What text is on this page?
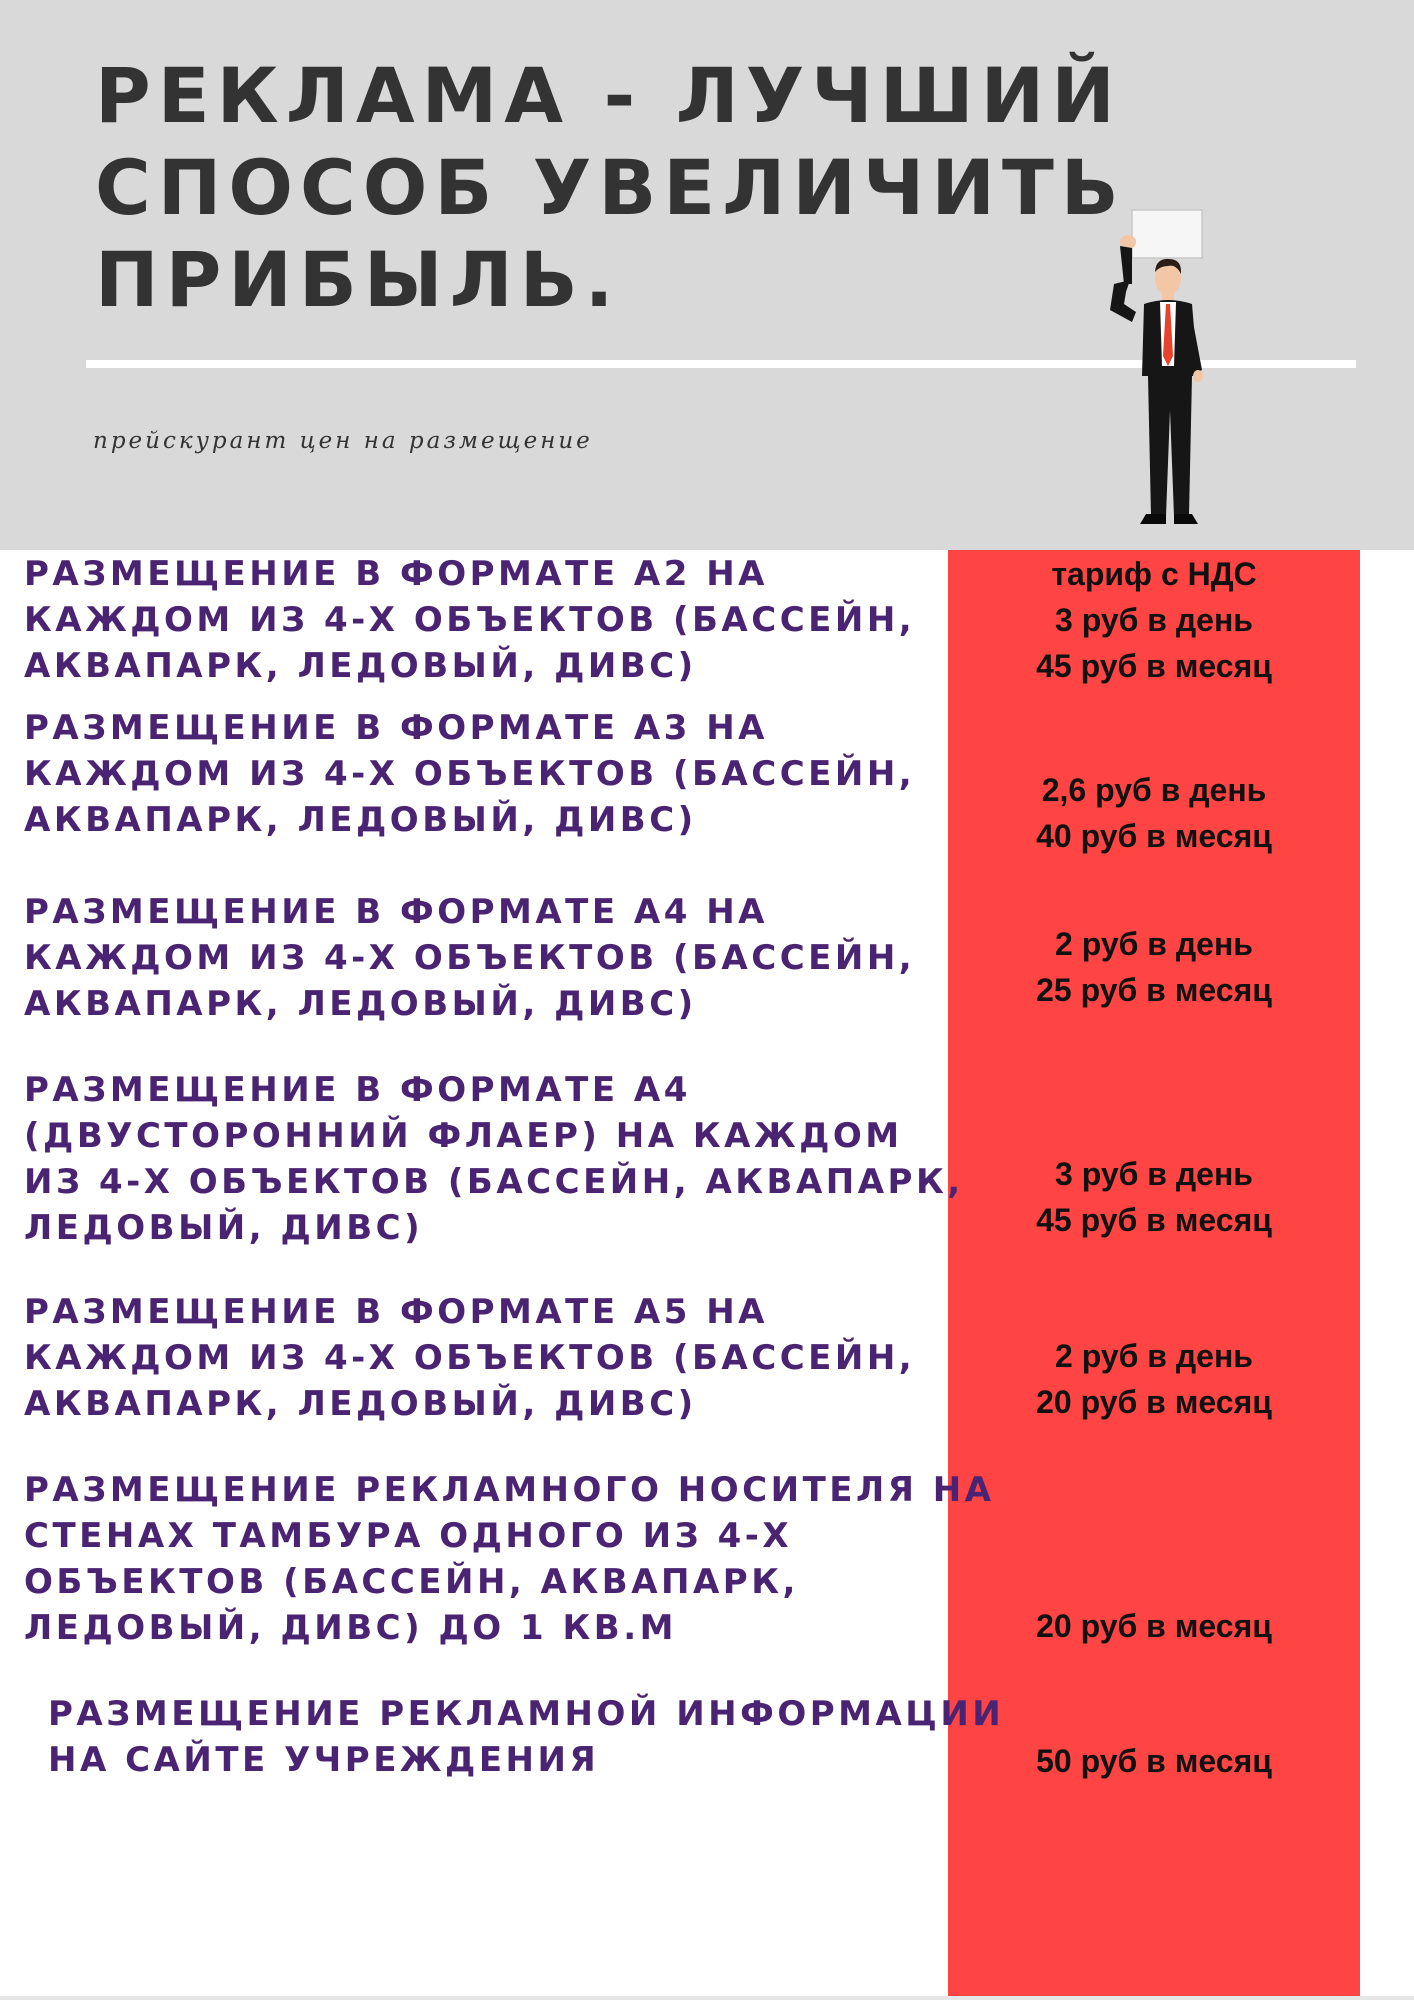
РЕКЛАМА - ЛУЧШИЙ
СПОСОБ УВЕЛИЧИТЬ
ПРИБЫЛЬ.
прейскурант цен на размещение
тариф с НДС
РАЗМЕЩЕНИЕ В ФОРМАТЕ А2 НА
КАЖДОМ ИЗ 4-Х ОБЪЕКТОВ (БАССЕЙН,
АКВАПАРК, ЛЕДОВЫЙ, ДИВС)
3 руб в день
45 руб в месяц
РАЗМЕЩЕНИЕ В ФОРМАТЕ А3 НА
КАЖДОМ ИЗ 4-Х ОБЪЕКТОВ (БАССЕЙН,
АКВАПАРК, ЛЕДОВЫЙ, ДИВС)
2,6 руб в день
40 руб в месяц
РАЗМЕЩЕНИЕ В ФОРМАТЕ А4 НА
КАЖДОМ ИЗ 4-Х ОБЪЕКТОВ (БАССЕЙН,
АКВАПАРК, ЛЕДОВЫЙ, ДИВС)
2 руб в день
25 руб в месяц
РАЗМЕЩЕНИЕ В ФОРМАТЕ А4
(ДВУСТОРОННИЙ ФЛАЕР) НА КАЖДОМ
ИЗ 4-Х ОБЪЕКТОВ (БАССЕЙН, АКВАПАРК,
ЛЕДОВЫЙ, ДИВС)
3 руб в день
45 руб в месяц
РАЗМЕЩЕНИЕ В ФОРМАТЕ А5 НА
КАЖДОМ ИЗ 4-Х ОБЪЕКТОВ (БАССЕЙН,
АКВАПАРК, ЛЕДОВЫЙ, ДИВС)
2 руб в день
20 руб в месяц
РАЗМЕЩЕНИЕ РЕКЛАМНОГО НОСИТЕЛЯ НА
СТЕНАХ ТАМБУРА ОДНОГО ИЗ 4-Х
ОБЪЕКТОВ (БАССЕЙН, АКВАПАРК,
ЛЕДОВЫЙ, ДИВС) ДО 1 КВ.М	20 руб в месяц
РАЗМЕЩЕНИЕ РЕКЛАМНОЙ ИНФОРМАЦИИ
НА САЙТЕ УЧРЕЖДЕНИЯ	50 руб в месяц
